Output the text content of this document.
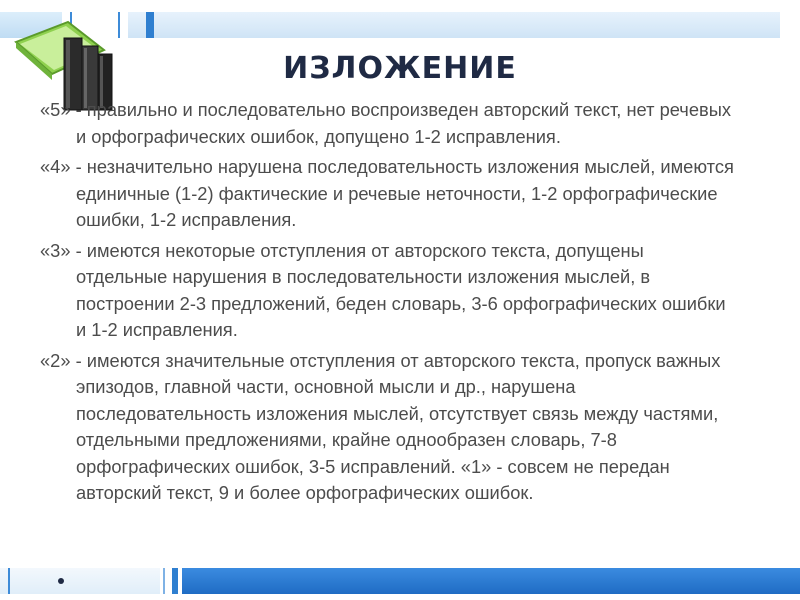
ИЗЛОЖЕНИЕ

«5» - правильно и последовательно воспроизведен авторский текст, нет речевых и орфографических ошибок, допущено 1-2 исправления.

«4» - незначительно нарушена последовательность изложения мыслей, имеются единичные (1-2) фактические и речевые неточности, 1-2 орфографические ошибки, 1-2 исправления.

«3» - имеются некоторые отступления от авторского текста, допущены отдельные нарушения в последовательности изложения мыслей, в построении 2-3 предложений, беден словарь, 3-6 орфографических ошибки и 1-2 исправления.

«2» - имеются значительные отступления от авторского текста, пропуск важных эпизодов, главной части, основной мысли и др., нарушена последовательность изложения мыслей, отсутствует связь между частями, отдельными предложениями, крайне однообразен словарь, 7-8 орфографических ошибок, 3-5 исправлений. «1» - совсем не передан авторский текст, 9 и более орфографических ошибок.
